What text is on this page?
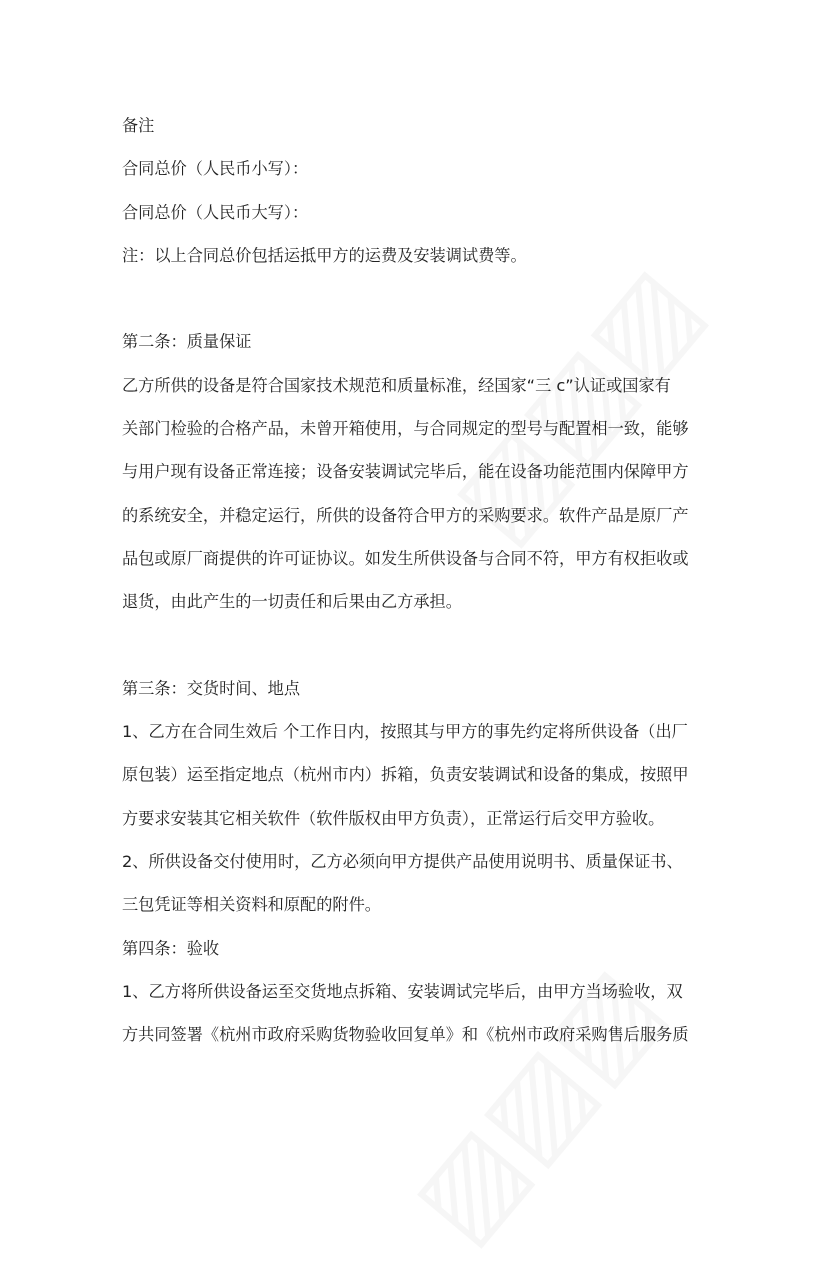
备注
合同总价（人民币小写）：
合同总价（人民币大写）：
注：以上合同总价包括运抵甲方的运费及安装调试费等。
第二条：质量保证
乙方所供的设备是符合国家技术规范和质量标准，经国家“三 c”认证或国家有
关部门检验的合格产品，未曾开箱使用，与合同规定的型号与配置相一致，能够
与用户现有设备正常连接；设备安装调试完毕后，能在设备功能范围内保障甲方
的系统安全，并稳定运行，所供的设备符合甲方的采购要求。软件产品是原厂产
品包或原厂商提供的许可证协议。如发生所供设备与合同不符，甲方有权拒收或
退货，由此产生的一切责任和后果由乙方承担。
第三条：交货时间、地点
1、乙方在合同生效后 个工作日内，按照其与甲方的事先约定将所供设备（出厂
原包装）运至指定地点（杭州市内）拆箱，负责安装调试和设备的集成，按照甲
方要求安装其它相关软件（软件版权由甲方负责），正常运行后交甲方验收。
2、所供设备交付使用时，乙方必须向甲方提供产品使用说明书、质量保证书、
三包凭证等相关资料和原配的附件。
第四条：验收
1、乙方将所供设备运至交货地点拆箱、安装调试完毕后，由甲方当场验收，双
方共同签署《杭州市政府采购货物验收回复单》和《杭州市政府采购售后服务质
